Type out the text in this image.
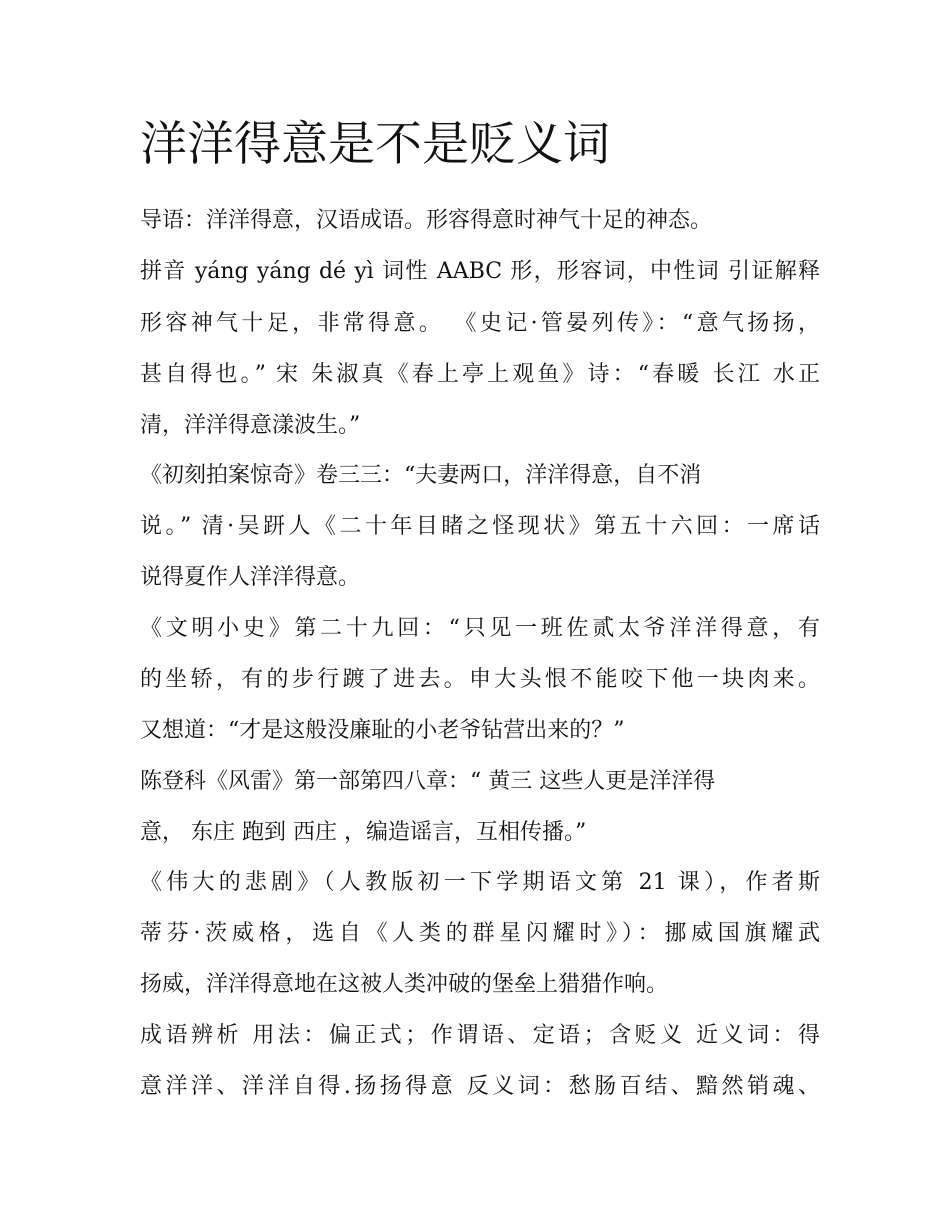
洋洋得意是不是贬义词

导语：洋洋得意，汉语成语。形容得意时神气十足的神态。

拼音 yáng yáng dé yì 词性 AABC 形，形容词，中性词 引证解释

形容神气十足，非常得意。 《史记·管晏列传》：“意气扬扬，

甚自得也。” 宋 朱淑真《春上亭上观鱼》诗：“春暖 长江 水正

清，洋洋得意漾波生。”

《初刻拍案惊奇》卷三三：“夫妻两口，洋洋得意，自不消

说。” 清·吴趼人《二十年目睹之怪现状》第五十六回：一席话

说得夏作人洋洋得意。

《文明小史》第二十九回：“只见一班佐贰太爷洋洋得意，有

的坐轿，有的步行踱了进去。申大头恨不能咬下他一块肉来。

又想道：“才是这般没廉耻的小老爷钻营出来的？”

陈登科《风雷》第一部第四八章：“ 黄三 这些人更是洋洋得

意， 东庄 跑到 西庄 ，编造谣言，互相传播。”

《伟大的悲剧》（人教版初一下学期语文第 21 课），作者斯

蒂芬·茨威格，选自《人类的群星闪耀时》）：挪威国旗耀武

扬威，洋洋得意地在这被人类冲破的堡垒上猎猎作响。

成语辨析 用法：偏正式；作谓语、定语；含贬义 近义词：得

意洋洋、洋洋自得.扬扬得意 反义词：愁肠百结、黯然销魂、
